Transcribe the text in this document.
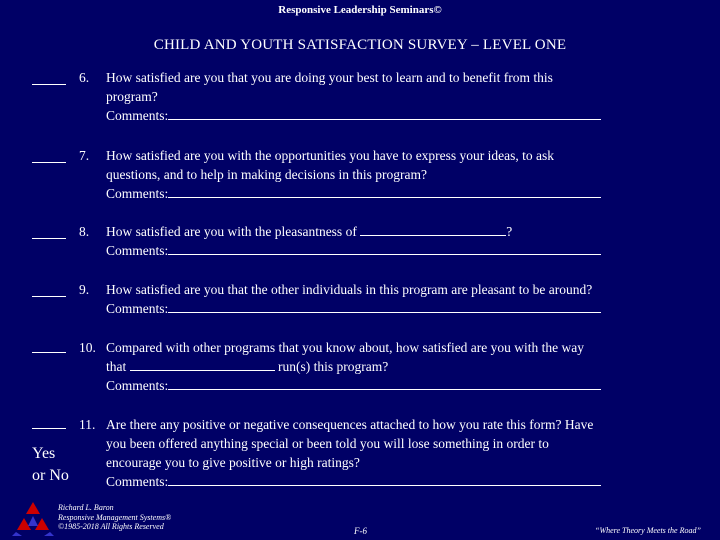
Responsive Leadership Seminars©
CHILD AND YOUTH SATISFACTION SURVEY – LEVEL ONE
6. How satisfied are you that you are doing your best to learn and to benefit from this
program?
Comments:
7. How satisfied are you with the opportunities you have to express your ideas, to ask
questions, and to help in making decisions in this program?
Comments:
8. How satisfied are you with the pleasantness of	?
Comments:
9. How satisfied are you that the other individuals in this program are pleasant to be around?
Comments:
10. Compared with other programs that you know about, how satisfied are you with the way
that	run(s) this program?
Comments:
11. Are there any positive or negative consequences attached to how you rate this form? Have
you been offered anything special or been told you will lose something in order to
encourage you to give positive or high ratings?
Comments:
Yes
or No
Richard L. Baron
Responsive Management Systems®
©1985-2018 All Rights Reserved	F-6	“Where Theory Meets the Road”
